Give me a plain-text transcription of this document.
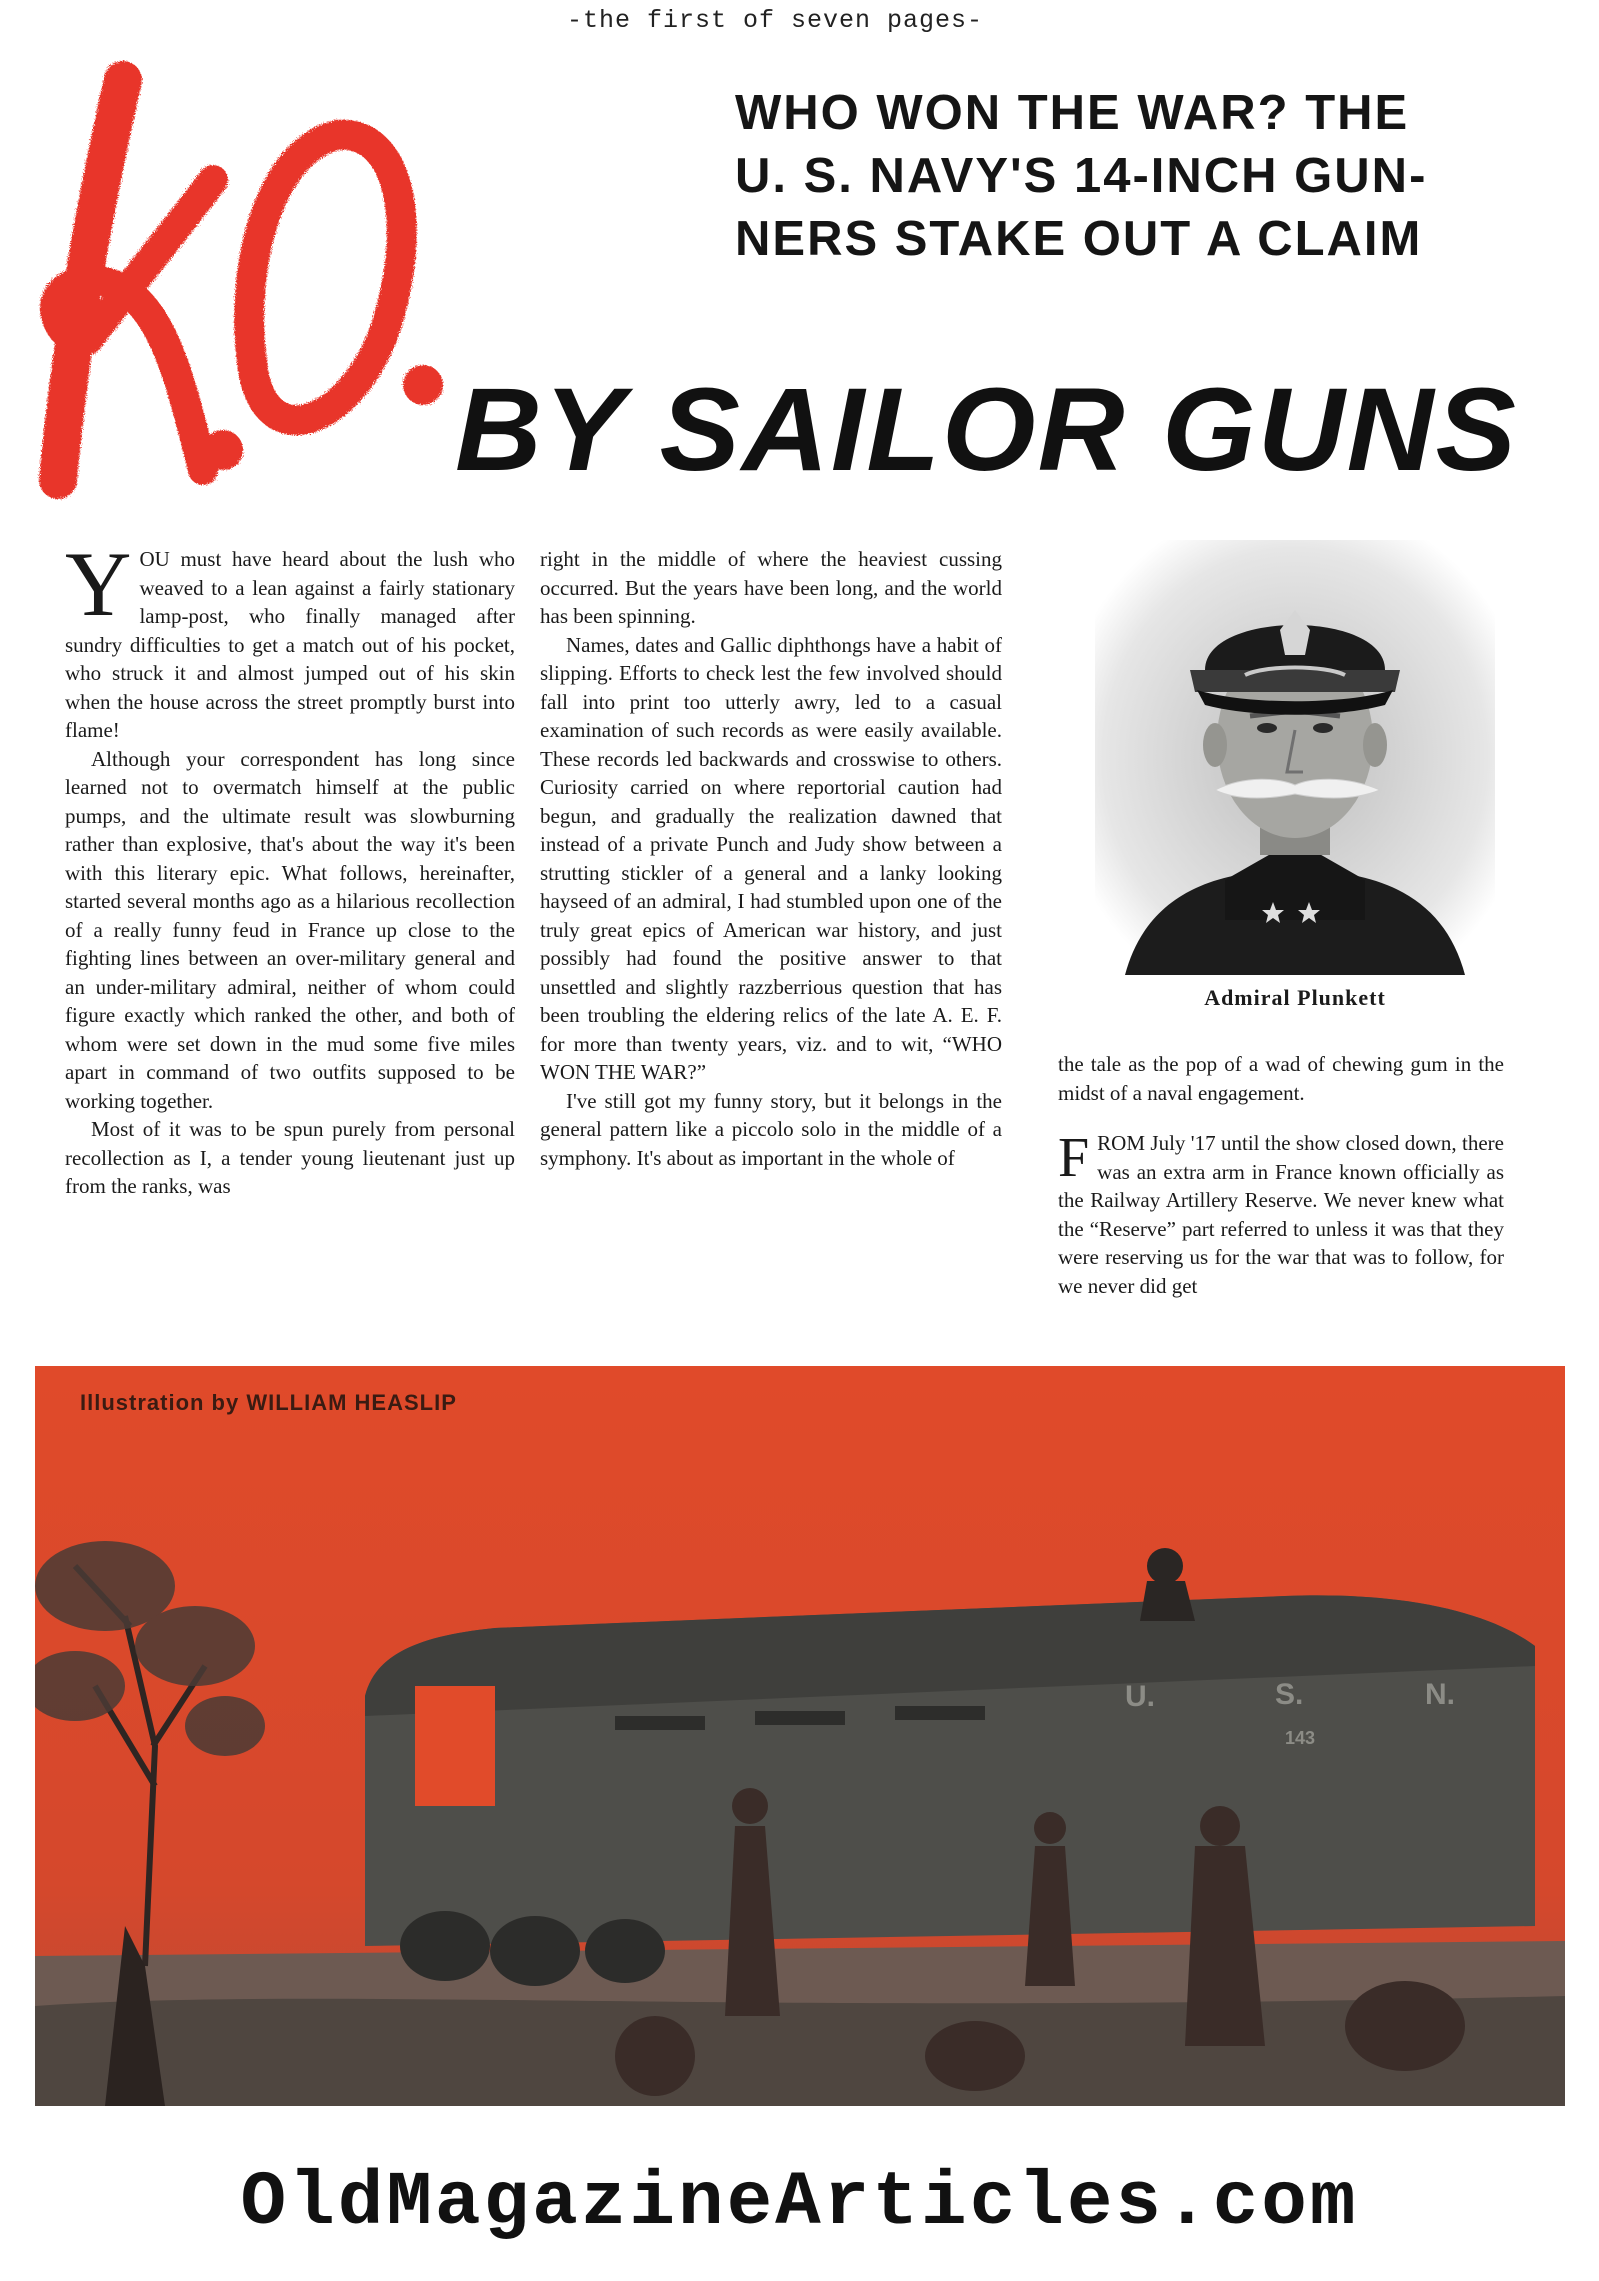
-the first of seven pages-
K.O.
WHO WON THE WAR? THE
U. S. NAVY'S 14-INCH GUN-
NERS STAKE OUT A CLAIM
BY SAILOR GUNS

YOU must have heard about the lush who weaved to a lean against a fairly stationary lamp-post, who finally managed after sundry difficulties to get a match out of his pocket, who struck it and almost jumped out of his skin when the house across the street promptly burst into flame!

Although your correspondent has long since learned not to overmatch himself at the public pumps, and the ultimate result was slowburning rather than explosive, that's about the way it's been with this literary epic. What follows, hereinafter, started several months ago as a hilarious recollection of a really funny feud in France up close to the fighting lines between an over-military general and an under-military admiral, neither of whom could figure exactly which ranked the other, and both of whom were set down in the mud some five miles apart in command of two outfits supposed to be working together.

Most of it was to be spun purely from personal recollection as I, a tender young lieutenant just up from the ranks, was

right in the middle of where the heaviest cussing occurred. But the years have been long, and the world has been spinning.

Names, dates and Gallic diphthongs have a habit of slipping. Efforts to check lest the few involved should fall into print too utterly awry, led to a casual examination of such records as were easily available. These records led backwards and crosswise to others. Curiosity carried on where reportorial caution had begun, and gradually the realization dawned that instead of a private Punch and Judy show between a strutting stickler of a general and a lanky looking hayseed of an admiral, I had stumbled upon one of the truly great epics of American war history, and just possibly had found the positive answer to that unsettled and slightly razzberrious question that has been troubling the eldering relics of the late A. E. F. for more than twenty years, viz. and to wit, “WHO WON THE WAR?”

I've still got my funny story, but it belongs in the general pattern like a piccolo solo in the middle of a symphony. It's about as important in the whole of

Admiral Plunkett

the tale as the pop of a wad of chewing gum in the midst of a naval engagement.

FROM July '17 until the show closed down, there was an extra arm in France known officially as the Railway Artillery Reserve. We never knew what the “Reserve” part referred to unless it was that they were reserving us for the war that was to follow, for we never did get

U.	S.	N.
143
Illustration by WILLIAM HEASLIP
OldMagazineArticles.com
